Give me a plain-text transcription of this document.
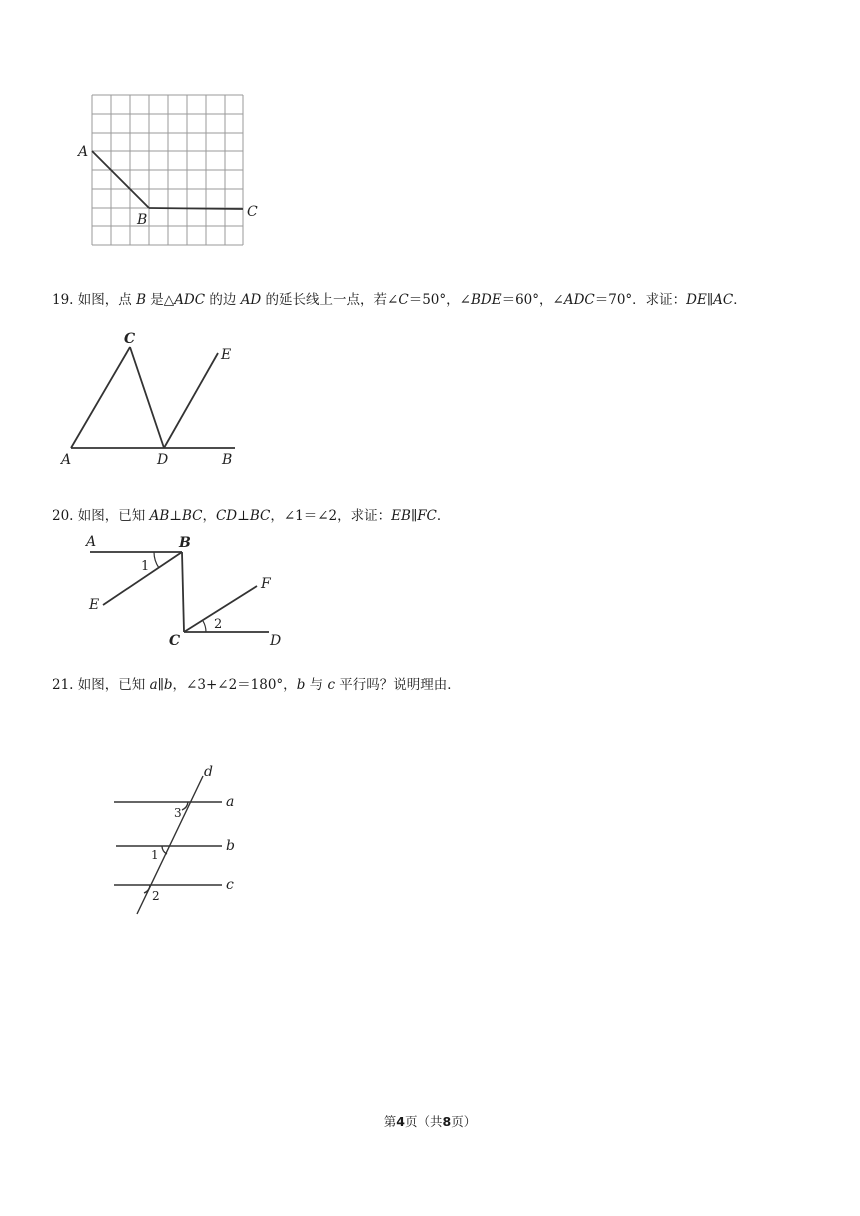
A
B	C
19. 如图，点 B 是△ADC 的边 AD 的延长线上一点，若∠C＝50°，∠BDE＝60°，∠ADC＝70°．求证：DE∥AC．
C
E
A	D	B
20. 如图，已知 AB⊥BC，CD⊥BC，∠1＝∠2，求证：EB∥FC．
A	B
1
E
F
2
C	D
21. 如图，已知 a∥b，∠3+∠2＝180°，b 与 c 平行吗？说明理由．
d
a
b
c
3
1
2
第4页（共8页）
